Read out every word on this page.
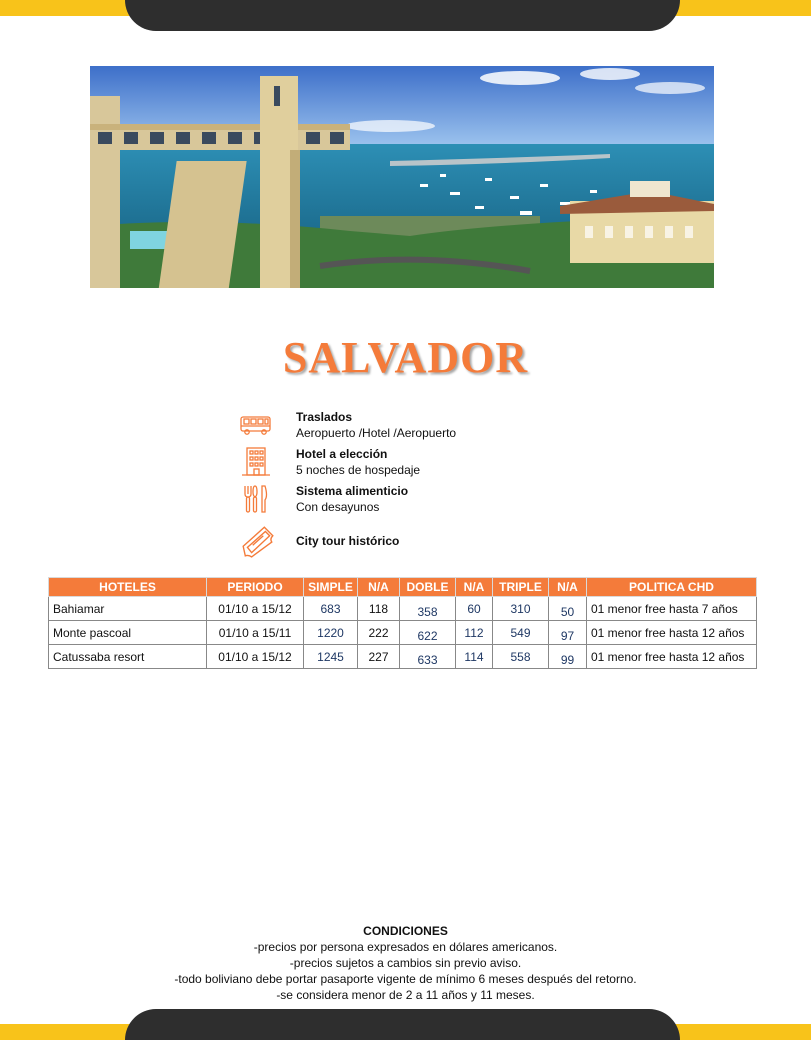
SALVADOR
Traslados
Aeropuerto /Hotel /Aeropuerto
Hotel a elección
5 noches de hospedaje
Sistema alimenticio
Con desayunos
City tour histórico
HOTELES	PERIODO	SIMPLE	N/A	DOBLE	N/A	TRIPLE	N/A	POLITICA CHD
Bahiamar	01/10 a 15/12	683	118	358	60	310	50	01 menor free hasta 7 años
Monte pascoal	01/10 a 15/11	1220	222	622	112	549	97	01 menor free hasta 12 años
Catussaba resort	01/10 a 15/12	1245	227	633	114	558	99	01 menor free hasta 12 años
CONDICIONES
-precios por persona expresados en dólares americanos.
-precios sujetos a cambios sin previo aviso.
-todo boliviano debe portar pasaporte vigente de mínimo 6 meses después del retorno.
-se considera menor de 2 a 11 años y 11 meses.
